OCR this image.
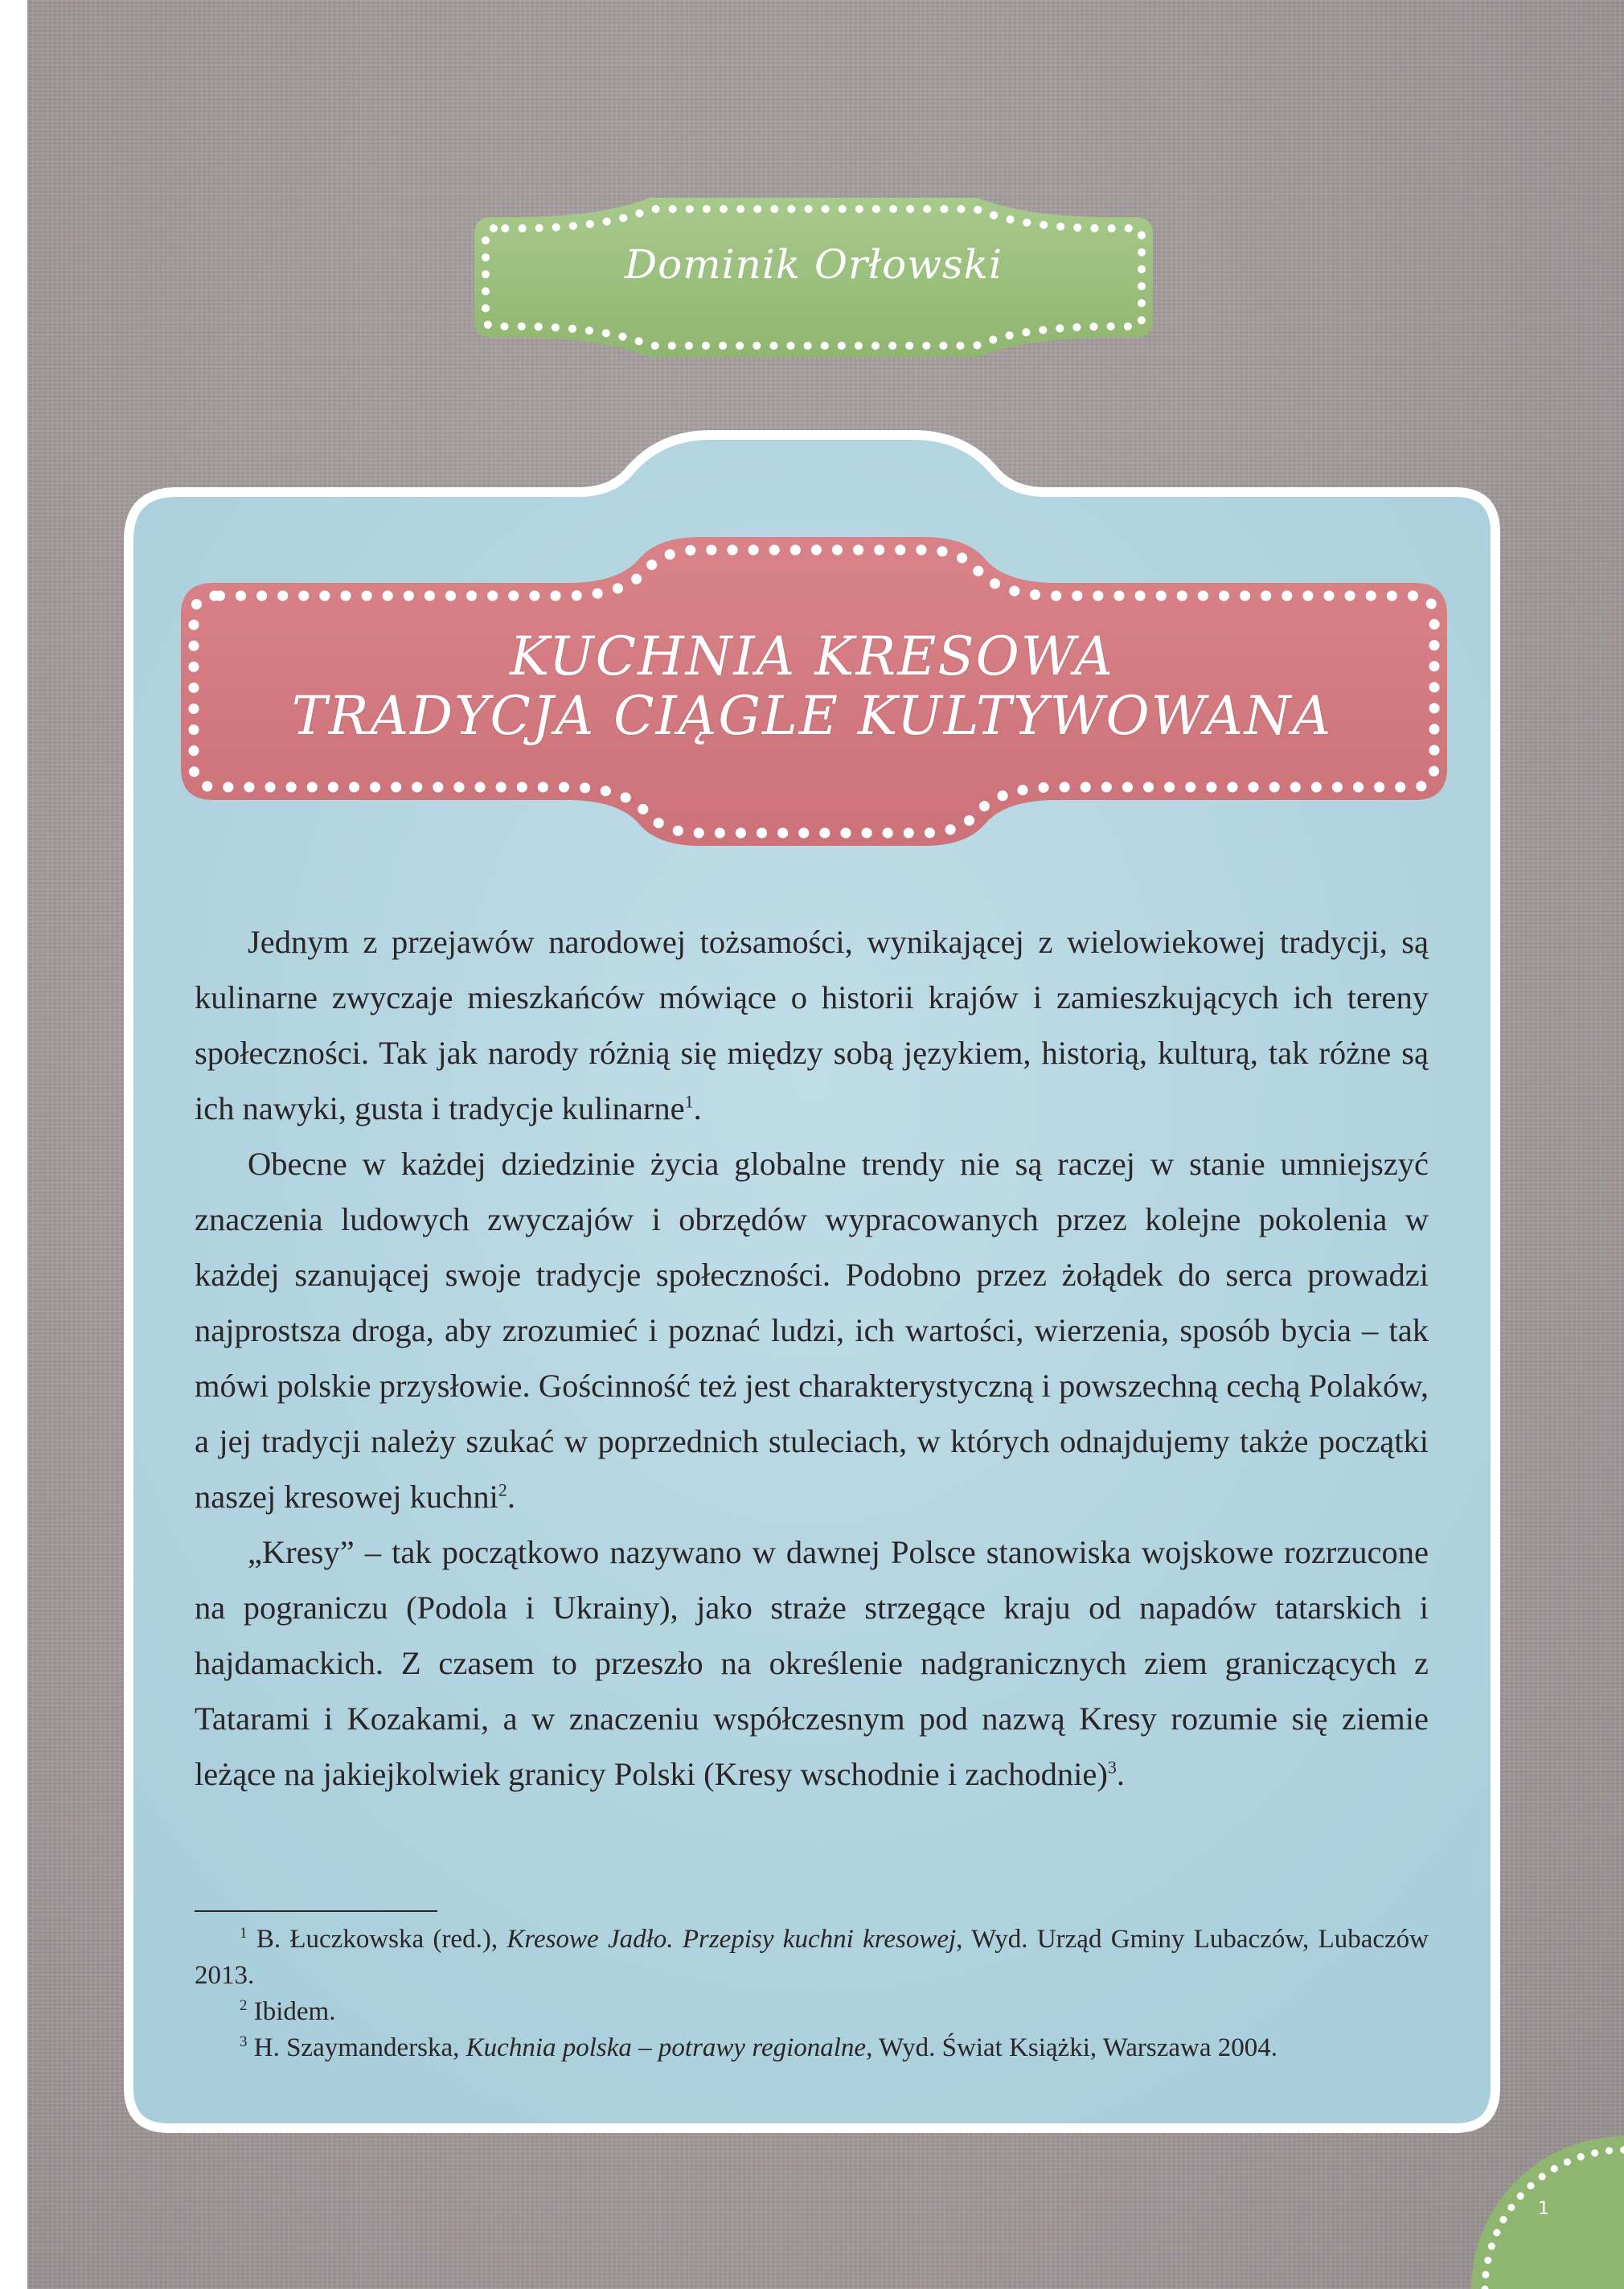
Dominik Orłowski
KUCHNIA KRESOWA
TRADYCJA CIĄGLE KULTYWOWANA

Jednym z przejawów narodowej tożsamości, wynikającej z wielowiekowej tradycji, są kulinarne zwyczaje mieszkańców mówiące o historii krajów i zamieszkujących ich tereny społeczności. Tak jak narody różnią się między sobą językiem, historią, kulturą, tak różne są ich nawyki, gusta i tradycje kulinarne$^1$.

Obecne w każdej dziedzinie życia globalne trendy nie są raczej w stanie umniejszyć znaczenia ludowych zwyczajów i obrzędów wypracowanych przez kolejne pokolenia w każdej szanującej swoje tradycje społeczności. Podobno przez żołądek do serca prowadzi najprostsza droga, aby zrozumieć i poznać ludzi, ich wartości, wierzenia, sposób bycia – tak mówi polskie przysłowie. Gościnność też jest charakterystyczną i powszechną cechą Polaków, a jej tradycji należy szukać w poprzednich stuleciach, w których odnajdujemy także początki naszej kresowej kuchni$^2$.

„Kresy” – tak początkowo nazywano w dawnej Polsce stanowiska wojskowe rozrzucone na pograniczu (Podola i Ukrainy), jako straże strzegące kraju od napadów tatarskich i hajdamackich. Z czasem to przeszło na określenie nadgranicznych ziem graniczących z Tatarami i Kozakami, a w znaczeniu współczesnym pod nazwą Kresy rozumie się ziemie leżące na jakiejkolwiek granicy Polski (Kresy wschodnie i zachodnie)$^3$.

$^1$ B. Łuczkowska (red.), Kresowe Jadło. Przepisy kuchni kresowej, Wyd. Urząd Gminy Lubaczów, Lubaczów 2013.

$^2$ Ibidem.

$^3$ H. Szaymanderska, Kuchnia polska – potrawy regionalne, Wyd. Świat Książki, Warszawa 2004.

1
